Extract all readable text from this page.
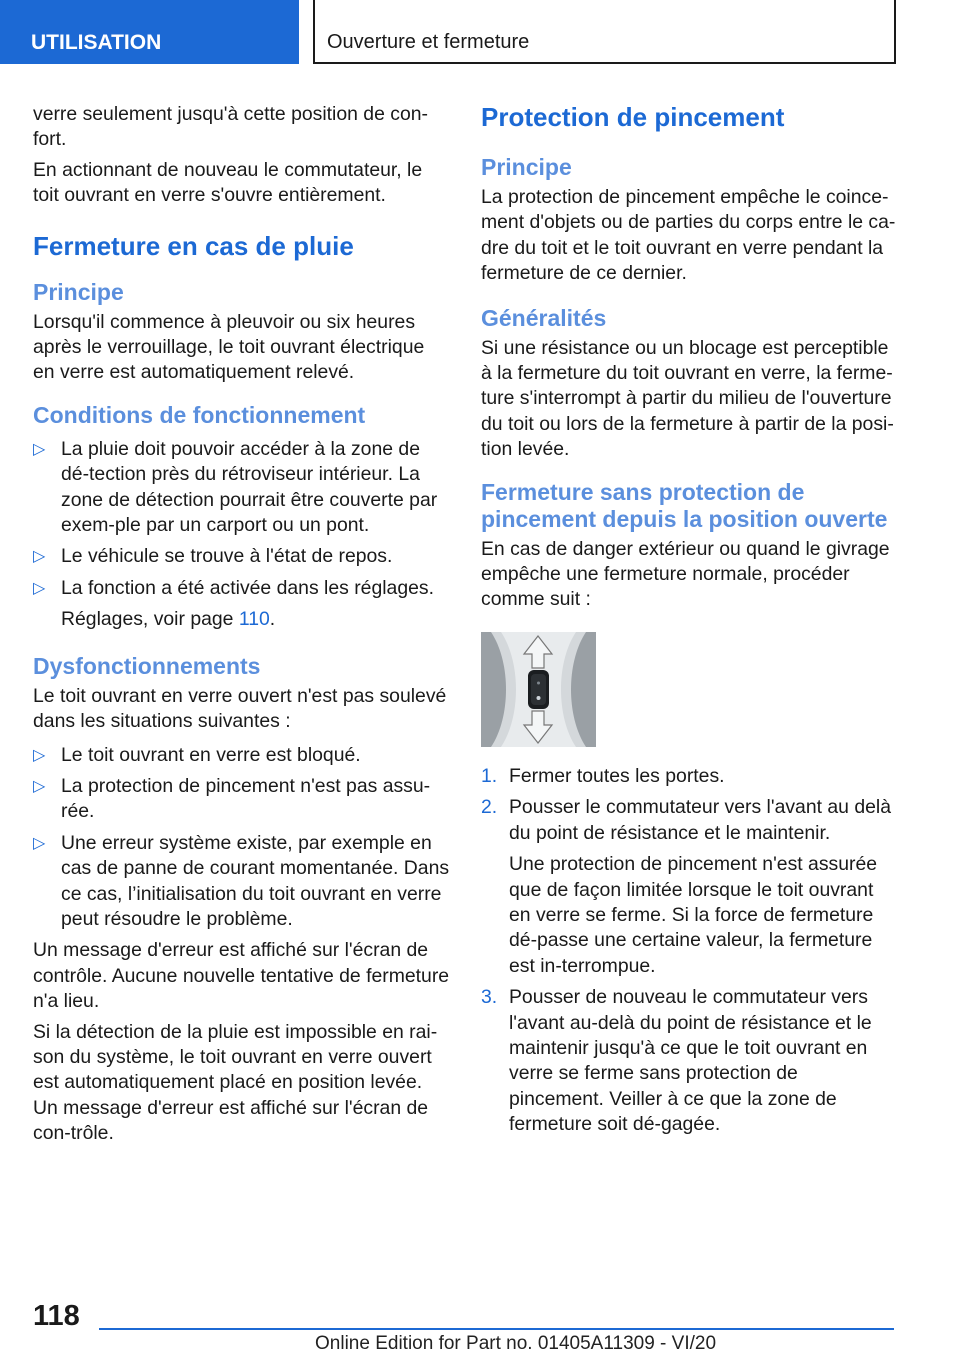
UTILISATION	Ouverture et fermeture

verre seulement jusqu'à cette position de con-fort.

En actionnant de nouveau le commutateur, le toit ouvrant en verre s'ouvre entièrement.

Fermeture en cas de pluie
Principe

Lorsqu'il commence à pleuvoir ou six heures après le verrouillage, le toit ouvrant électrique en verre est automatiquement relevé.

Conditions de fonctionnement
▷ La pluie doit pouvoir accéder à la zone de dé-tection près du rétroviseur intérieur. La zone de détection pourrait être couverte par exem-ple par un carport ou un pont.
▷ Le véhicule se trouve à l'état de repos.
▷ La fonction a été activée dans les réglages.
Réglages, voir page 110.
Dysfonctionnements

Le toit ouvrant en verre ouvert n'est pas soulevé dans les situations suivantes :

▷ Le toit ouvrant en verre est bloqué.
▷ La protection de pincement n'est pas assu-rée.
▷ Une erreur système existe, par exemple en cas de panne de courant momentanée. Dans ce cas, l’initialisation du toit ouvrant en verre peut résoudre le problème.

Un message d'erreur est affiché sur l'écran de contrôle. Aucune nouvelle tentative de fermeture n'a lieu.

Si la détection de la pluie est impossible en rai-son du système, le toit ouvrant en verre ouvert est automatiquement placé en position levée. Un message d'erreur est affiché sur l'écran de con-trôle.

Protection de pincement
Principe

La protection de pincement empêche le coince-ment d'objets ou de parties du corps entre le ca-dre du toit et le toit ouvrant en verre pendant la fermeture de ce dernier.

Généralités

Si une résistance ou un blocage est perceptible à la fermeture du toit ouvrant en verre, la ferme-ture s'interrompt à partir du milieu de l'ouverture du toit ou lors de la fermeture à partir de la posi-tion levée.

Fermeture sans protection de pincement depuis la position ouverte

En cas de danger extérieur ou quand le givrage empêche une fermeture normale, procéder comme suit :

1. Fermer toutes les portes.
2. Pousser le commutateur vers l'avant au delà du point de résistance et le maintenir.
Une protection de pincement n'est assurée que de façon limitée lorsque le toit ouvrant en verre se ferme. Si la force de fermeture dé-passe une certaine valeur, la fermeture est in-terrompue.
3. Pousser de nouveau le commutateur vers l'avant au-delà du point de résistance et le maintenir jusqu'à ce que le toit ouvrant en verre se ferme sans protection de pincement. Veiller à ce que la zone de fermeture soit dé-gagée.
118
Online Edition for Part no. 01405A11309 - VI/20
